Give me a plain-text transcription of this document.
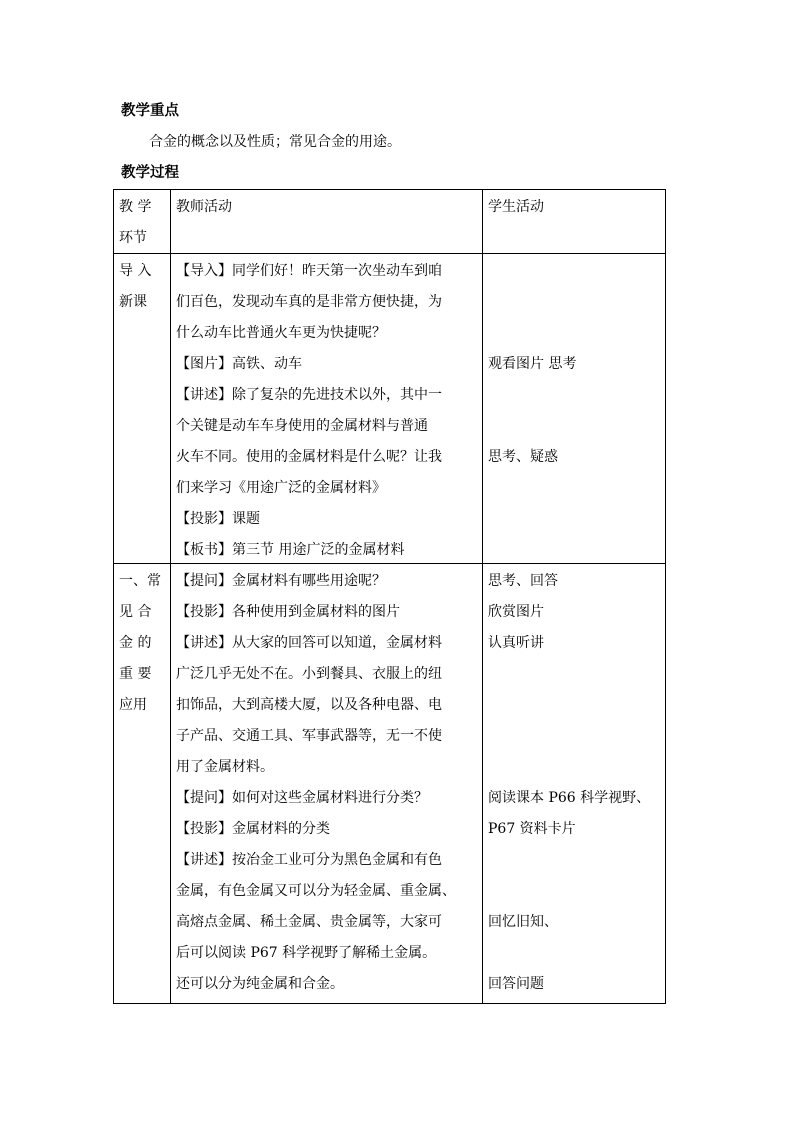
教学重点
合金的概念以及性质；常见合金的用途。
教学过程
教 学
环节
教师活动	学生活动
导 入
新课
【导入】同学们好！昨天第一次坐动车到咱
们百色，发现动车真的是非常方便快捷，为
什么动车比普通火车更为快捷呢？
【图片】高铁、动车
【讲述】除了复杂的先进技术以外，其中一
个关键是动车车身使用的金属材料与普通
火车不同。使用的金属材料是什么呢？让我
们来学习《用途广泛的金属材料》
【投影】课题
【板书】第三节 用途广泛的金属材料
观看图片 思考
思考、疑惑
一、常
见 合
金 的
重 要
应用
【提问】金属材料有哪些用途呢？
【投影】各种使用到金属材料的图片
【讲述】从大家的回答可以知道，金属材料
广泛几乎无处不在。小到餐具、衣服上的纽
扣饰品，大到高楼大厦，以及各种电器、电
子产品、交通工具、军事武器等，无一不使
用了金属材料。
【提问】如何对这些金属材料进行分类？
【投影】金属材料的分类
【讲述】按冶金工业可分为黑色金属和有色
金属，有色金属又可以分为轻金属、重金属、
高熔点金属、稀土金属、贵金属等，大家可
后可以阅读 P67 科学视野了解稀土金属。
还可以分为纯金属和合金。
思考、回答
欣赏图片
认真听讲
阅读课本 P66 科学视野、
P67 资料卡片
回忆旧知、
回答问题
